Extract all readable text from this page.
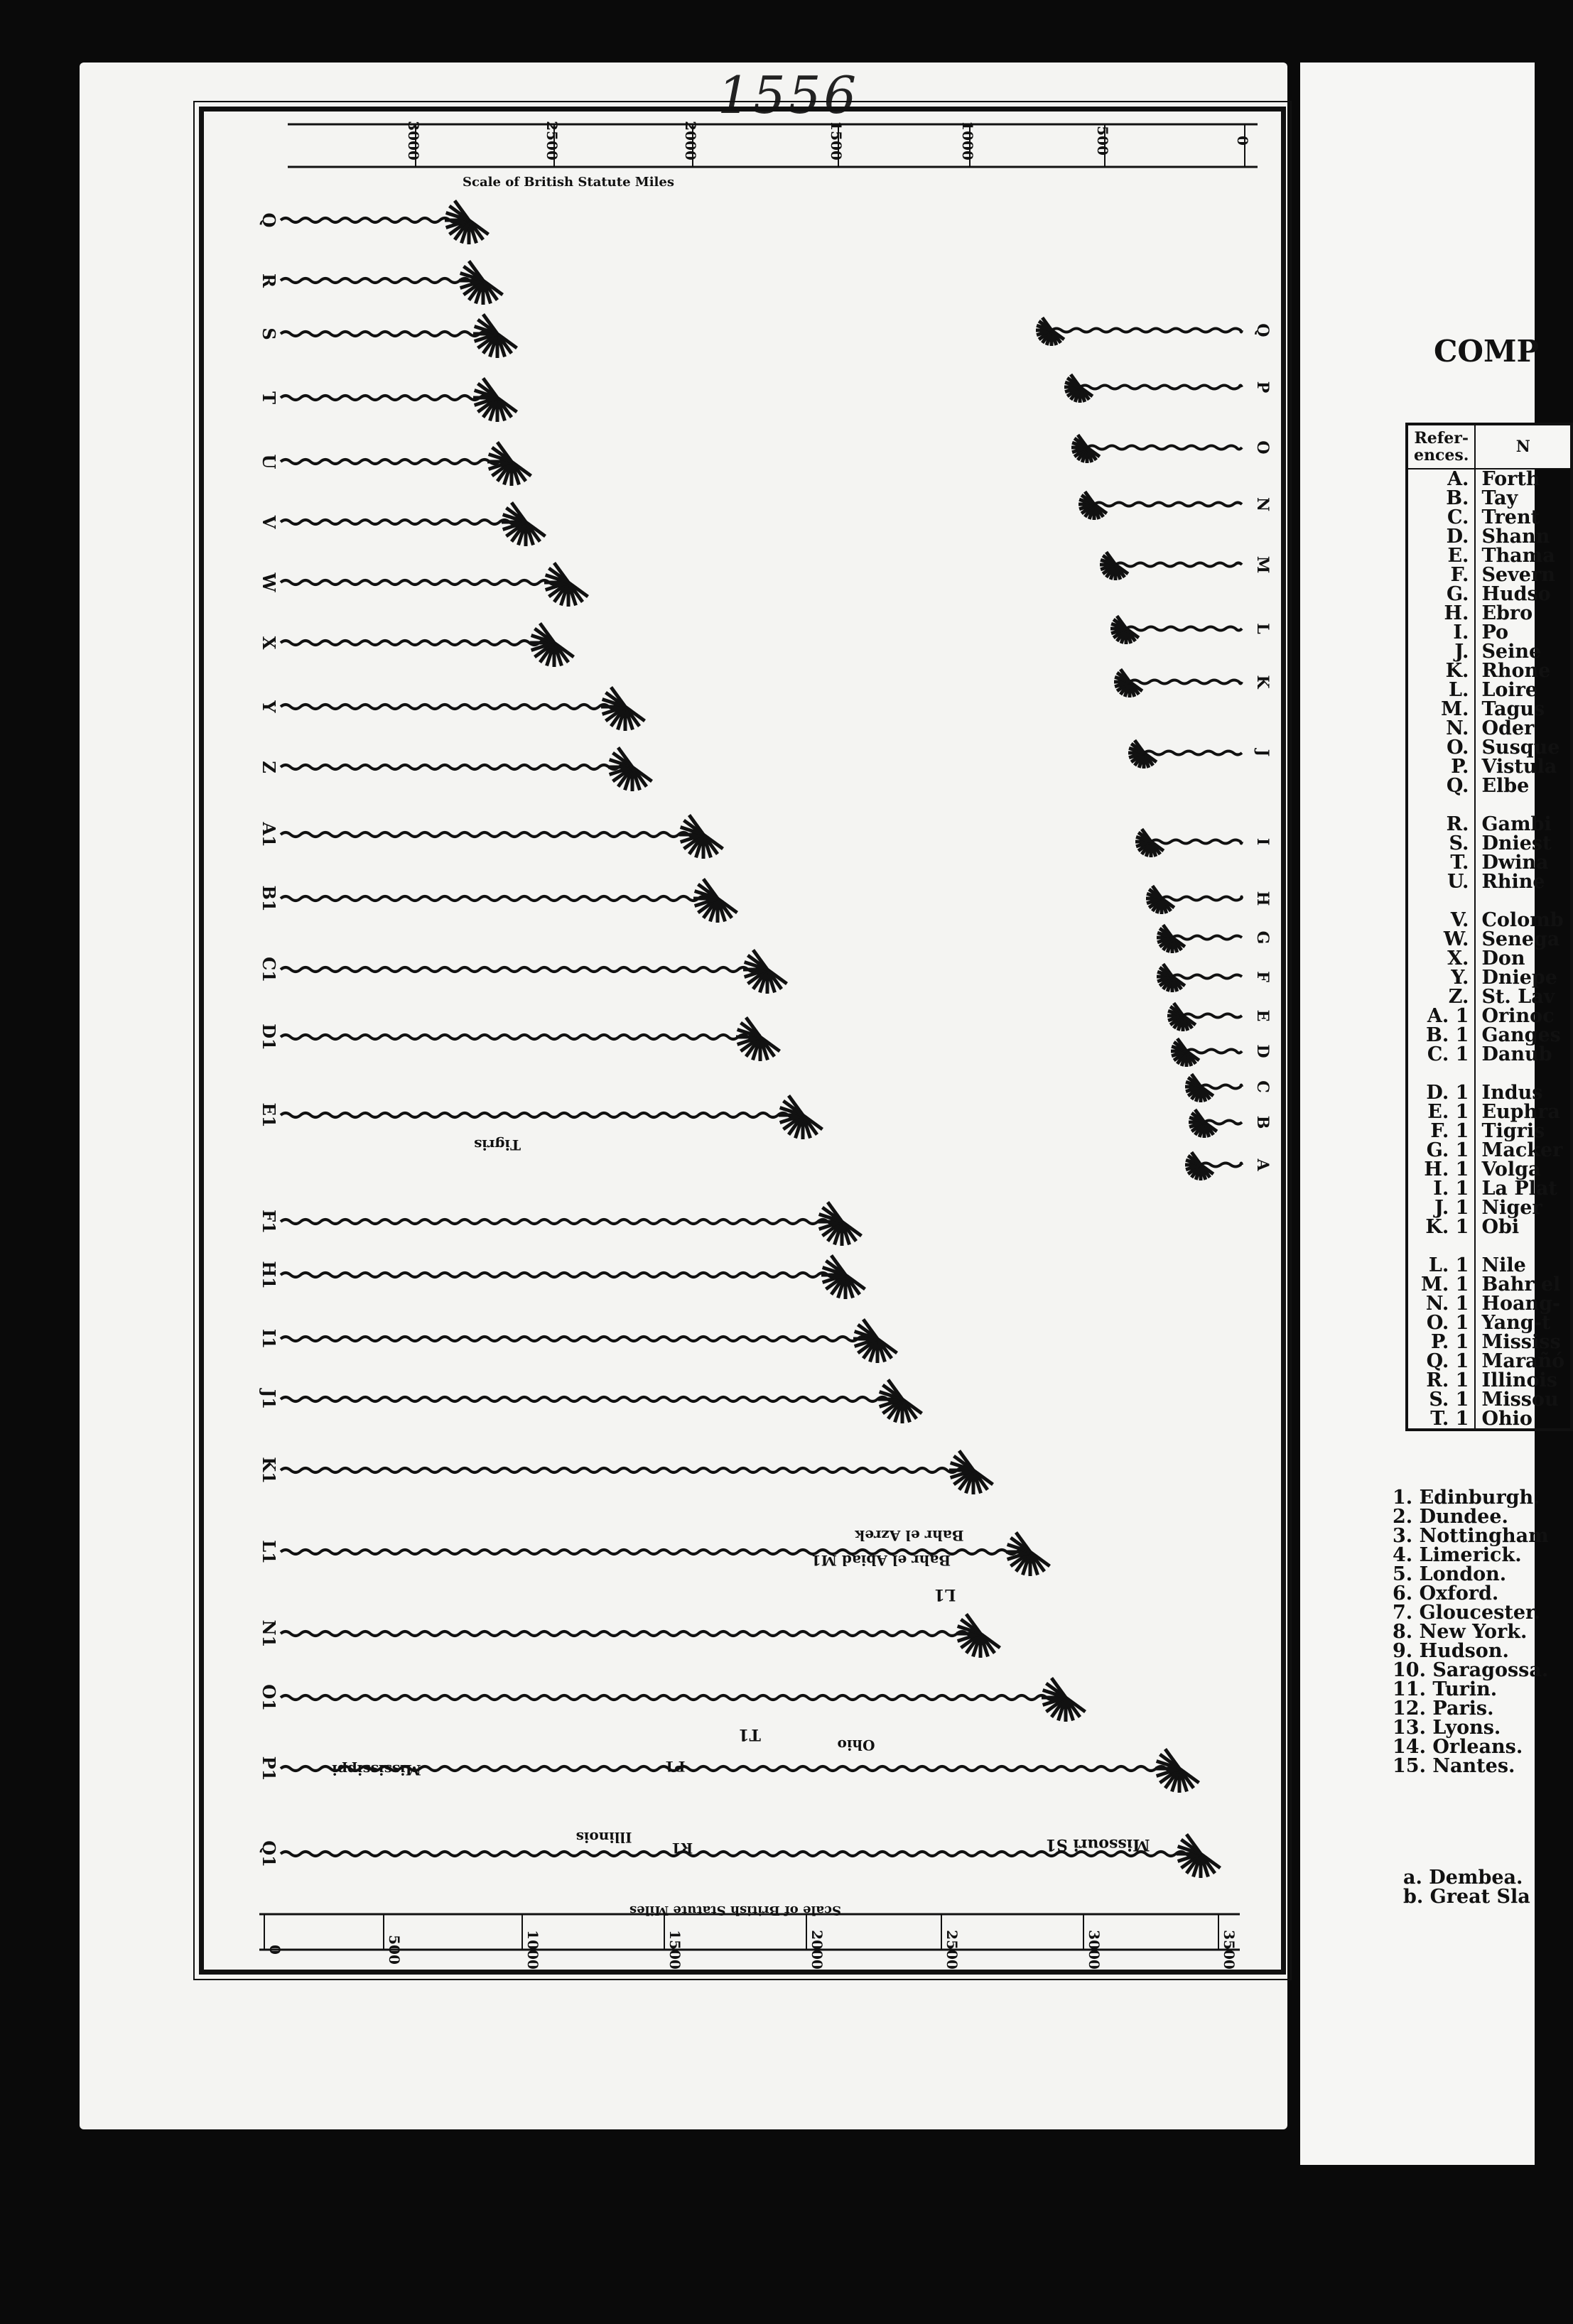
1556
Scale of British Statute Miles
3000	2500	2000	1500	1000	500	0
Scale of British Statute Miles
0	500	1000	1500	2000	2500	3000	3500
Q
R
S
T
U
V
W
X
Y
Z
A1
B1
C1
D1
E1
F1
H1
I1
J1
K1
L1
N1
O1
P1
Q1
A
B
C
D
E
F
G
H
I
J
K
L
M
N
O
P
Q
Tigris
Bahr el Azrek
Bahr el Abiad M1
L1
T1
Ohio
Mississippi	P1
Illinois
R1	Missouri S1
COMP
Refer-ences.	N
A.	Forth
B.	Tay
C.	Trent
D.	Shann
E.	Thama
F.	Severn
G.	Hudso
H.	Ebro
I.	Po
J.	Seine
K.	Rhone
L.	Loire
M.	Tagus
N.	Oder
O.	Susque
P.	Vistula
Q.	Elbe

R.	Gambi
S.	Dniest
T.	Dwina
U.	Rhine

V.	Colomb
W.	Senega
X.	Don
Y.	Dniepe
Z.	St. Lav
A. 1	Orinoc
B. 1	Ganges
C. 1	Danub

D. 1	Indus
E. 1	Euphra
F. 1	Tigris
G. 1	Macker
H. 1	Volga
I. 1	La Plat
J. 1	Niger
K. 1	Obi

L. 1	Nile
M. 1	Bahr el
N. 1	Hoang-
O. 1	Yang-t
P. 1	Mississ
Q. 1	Marañó
R. 1	Illinois
S. 1	Missou
T. 1	Ohio
1. Edinburgh.
2. Dundee.
3. Nottingham
4. Limerick.
5. London.
6. Oxford.
7. Gloucester.
8. New York.
9. Hudson.
10. Saragossa.
11. Turin.
12. Paris.
13. Lyons.
14. Orleans.
15. Nantes.
a. Dembea.
b. Great Sla
